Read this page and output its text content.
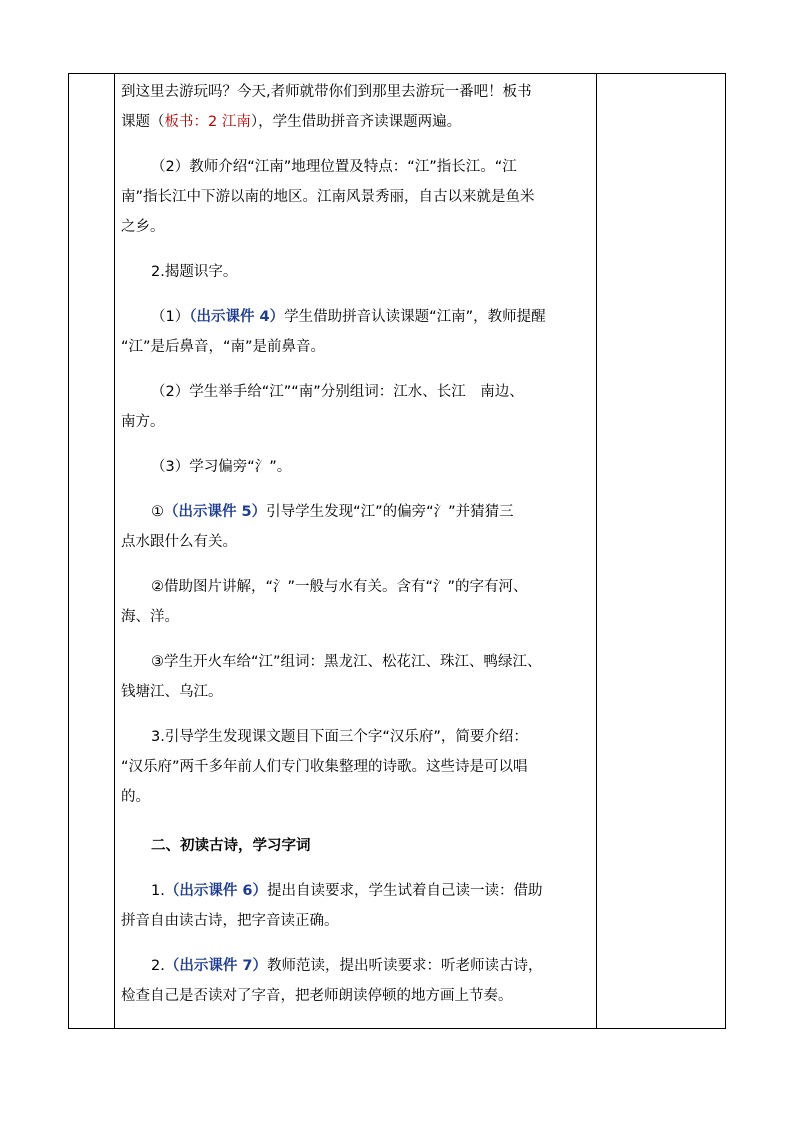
到这里去游玩吗？今天,者师就带你们到那里去游玩一番吧！板书
课题（板书：2 江南），学生借助拼音齐读课题两遍。
（2）教师介绍“江南”地理位置及特点：“江”指长江。“江
南”指长江中下游以南的地区。江南风景秀丽，自古以来就是鱼米
之乡。
2.揭题识字。
（1）（出示课件 4）学生借助拼音认读课题“江南”，教师提醒
“江”是后鼻音，“南”是前鼻音。
（2）学生举手给“江”“南”分别组词：江水、长江　南边、
南方。
（3）学习偏旁“氵”。
①（出示课件 5）引导学生发现“江”的偏旁“氵”并猜猜三
点水跟什么有关。
②借助图片讲解，“氵”一般与水有关。含有“氵”的字有河、
海、洋。
③学生开火车给“江”组词：黑龙江、松花江、珠江、鸭绿江、
钱塘江、乌江。
3.引导学生发现课文题目下面三个字“汉乐府”，简要介绍：
“汉乐府”两千多年前人们专门收集整理的诗歌。这些诗是可以唱
的。
二、初读古诗，学习字词
1.（出示课件 6）提出自读要求，学生试着自己读一读：借助
拼音自由读古诗，把字音读正确。
2.（出示课件 7）教师范读，提出听读要求：听老师读古诗，
检查自己是否读对了字音，把老师朗读停顿的地方画上节奏。
